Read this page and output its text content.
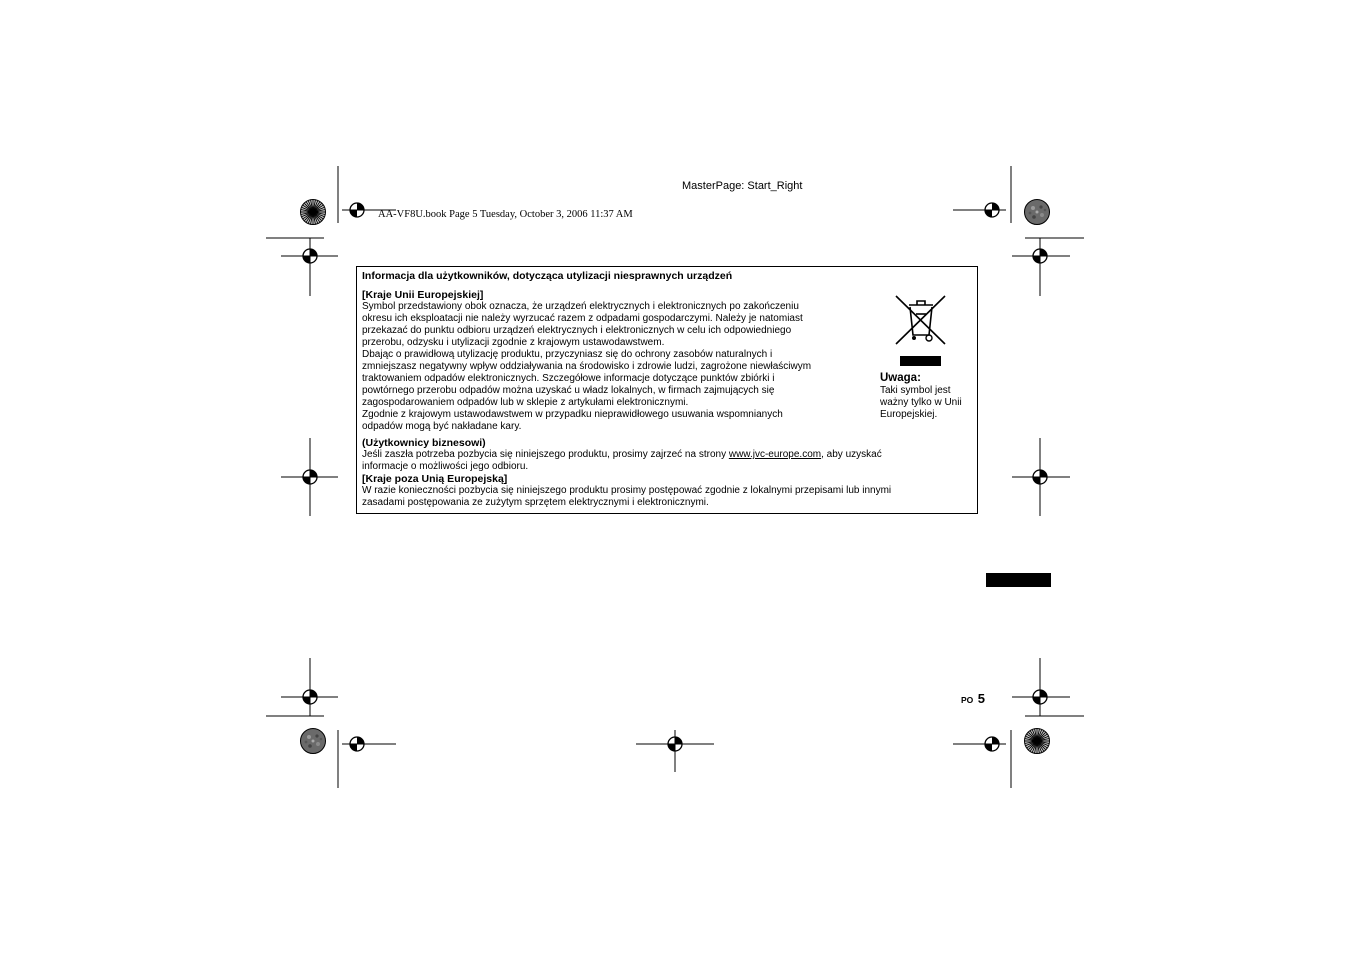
MasterPage: Start_Right
AA-VF8U.book Page 5 Tuesday, October 3, 2006 11:37 AM
Informacja dla użytkowników, dotycząca utylizacji niesprawnych urządzeń
[Kraje Unii Europejskiej]
Symbol przedstawiony obok oznacza, że urządzeń elektrycznych i elektronicznych po zakończeniu
okresu ich eksploatacji nie należy wyrzucać razem z odpadami gospodarczymi. Należy je natomiast
przekazać do punktu odbioru urządzeń elektrycznych i elektronicznych w celu ich odpowiedniego
przerobu, odzysku i utylizacji zgodnie z krajowym ustawodawstwem.
Dbając o prawidłową utylizację produktu, przyczyniasz się do ochrony zasobów naturalnych i
zmniejszasz negatywny wpływ oddziaływania na środowisko i zdrowie ludzi, zagrożone niewłaściwym
traktowaniem odpadów elektronicznych. Szczegółowe informacje dotyczące punktów zbiórki i
powtórnego przerobu odpadów można uzyskać u władz lokalnych, w firmach zajmujących się
zagospodarowaniem odpadów lub w sklepie z artykułami elektronicznymi.
Zgodnie z krajowym ustawodawstwem w przypadku nieprawidłowego usuwania wspomnianych
odpadów mogą być nakładane kary.
(Użytkownicy biznesowi)
Jeśli zaszła potrzeba pozbycia się niniejszego produktu, prosimy zajrzeć na strony www.jvc-europe.com, aby uzyskać
informacje o możliwości jego odbioru.
[Kraje poza Unią Europejską]
W razie konieczności pozbycia się niniejszego produktu prosimy postępować zgodnie z lokalnymi przepisami lub innymi
zasadami postępowania ze zużytym sprzętem elektrycznymi i elektronicznymi.
Uwaga:
Taki symbol jest
ważny tylko w Unii
Europejskiej.
PO 5
